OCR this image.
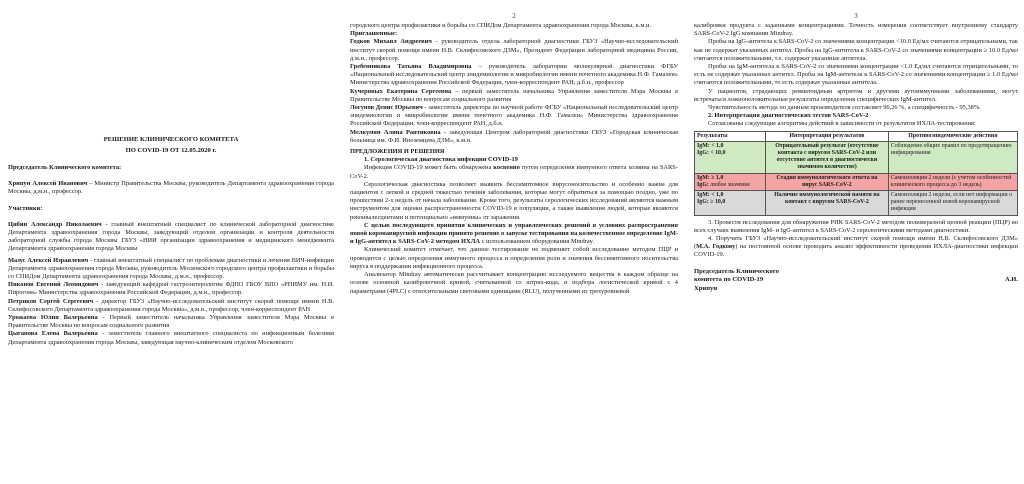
РЕШЕНИЕ КЛИНИЧЕСКОГО КОМИТЕТА
ПО COVID-19 ОТ 12.05.2020 г.

Председатель Клинического комитета:

Хрипун Алексей Иванович – Министр Правительства Москвы, руководитель Департамента здравоохранения города Москвы, д.м.н., профессор.

Участники:

Цибин Александр Николаевич - главный внештатный специалист по клинической лабораторной диагностике Департамента здравоохранения города Москвы, заведующий отделом организации и контроля деятельности лабораторной службы города Москвы ГБУЗ «НИИ организации здравоохранения и медицинского менеджмента Департамента здравоохранения города Москвы

Мазус Алексей Израилевич - главный внештатный специалист по проблемам диагностики и лечения ВИЧ-инфекции Департамента здравоохранения города Москвы, руководитель Московского городского центра профилактики и борьбы со СПИДом Департамента здравоохранения города Москвы, д.м.н., профессор.

Никонов Евгений Леонидович - заведующий кафедрой гастроэнтерологии ФДПО ГБОУ ВПО «РНИМУ им. Н.И. Пирогова» Министерства здравоохранения Российской Федерации, д.м.н., профессор.

Петриков Сергей Сергеевич - директор ГБУЗ «Научно-исследовательский институт скорой помощи имени Н.В. Склифосовского Департамента здравоохранения города Москвы», д.м.н., профессор, член-корреспондент РАН

Урожаева Юлия Валерьевна - Первый заместитель начальника Управления заместителя Мэра Москвы в Правительстве Москвы по вопросам социального развития

Цыганова Елена Валерьевна - заместитель главного внештатного специалиста по инфекционным болезням Департамента здравоохранения города Москвы, заведующая научно-клиническим отделом Московского

2

городского центра профилактики и борьбы со СПИДом Департамента здравоохранения города Москвы, к.м.н.

Приглашенные:

Годков Михаил Андреевич - руководитель отдела лабораторной диагностики ГБУЗ «Научно-исследовательский институт скорой помощи имени Н.В. Склифосовского ДЗМ», Президент Федерации лабораторной медицины России, д.м.н., профессор.

Гребенникова Татьяна Владимировна – руководитель лаборатории молекулярной диагностики ФГБУ «Национальный исследовательский центр эпидемиологии и микробиологии имени почетного академика Н.Ф. Гамалеи» Министерства здравоохранения Российской Федерации, член-корреспондент РАН, д.б.н., профессор

Кучерявых Екатерина Сергеевна – первый заместитель начальника Управления заместителя Мэра Москвы в Правительстве Москвы по вопросам социального развития

Логунов Денис Юрьевич - заместитель директора по научной работе ФГБУ «Национальный исследовательский центр эпидемиологии и микробиологии имени почетного академика Н.Ф. Гамалеи» Министерства здравоохранения Российской Федерации, член-корреспондент РАН, д.б.н.

Мелкумян Алина Рантиковна - заведующая Центром лабораторной диагностики ГБУЗ «Городская клиническая больница им. Ф.И. Иноземцева ДЗМ», к.м.н.

ПРЕДЛОЖЕНИЯ И РЕШЕНИЯ

1. Серологическая диагностика инфекции COVID-19

Инфекция COVID-19 может быть обнаружена косвенно путем определения иммунного ответа хозяина на SARS-CoV-2.

Серологическая диагностика позволяет выявить бессимптомное вирусоносительство и особенно важна для пациентов с легкой и средней тяжестью течения заболевания, которые могут обратиться за помощью поздно, уже по прошествии 2-х недель от начала заболевания. Кроме того, результаты серологических исследований являются важным инструментом для оценки распространенности COVID-19 в популяции, а также выявления людей, которые являются реконвалесцентами и потенциально «иммунны» от заражения.

С целью последующего принятия клинических и управленческих решений в условиях распространения новой коронавирусной инфекции принято решение о запуске тестирования на количественное определение IgM- и IgG-антител к SARS-CoV-2 методом ИХЛА с использованием оборудования Mindray.

Клинический комитет отмечает, что данное тестирование не подменяет собой исследование методом ПЦР и проводится с целью определения иммунного процесса и определения роли и значения бессимптомного носительства вируса в поддержании инфекционного процесса.

Анализатор Mindray автоматически рассчитывает концентрацию исследуемого вещества в каждом образце на основе основной калибровочной кривой, считываемой со штрих-кода, и подбора логистической кривой с 4 параметрами (4PLC) с относительными световыми единицами (RLU), полученными из трехуровневой

3

калибровки продукта с заданными концентрациями. Точность измерения соответствует внутреннему стандарту SARS-CoV-2 IgG компании Mindray.

Пробы на IgG-антитела к SARS-CoV-2 со значениями концентрации <10.0 Ед/мл считаются отрицательными, так как не содержат указанных антител. Пробы на IgG-антитела к SARS-CoV-2 со значениями концентрации ≥ 10.0 Ед/мл считаются положительными, т.е. содержат указанные антитела.

Пробы на IgM-антитела к SARS-CoV-2 со значениями концентрации <1.0 Ед/мл считаются отрицательными, то есть не содержат указанных антител. Пробы на IgM-антитела к SARS-CoV-2 со значениями концентрации ≥ 1.0 Ед/мл считаются положительными, то есть содержат указанные антитела.

У пациентов, страдающих ревматоидным артритом и другими аутоиммунными заболеваниями, могут встречаться ложноположительные результаты определения специфических IgM-антител.

Чувствительность метода по данным производителя составляет 96,26 %, а специфичность - 95,38%.

2. Интерпретация диагностических тестов SARS-CoV-2

Согласованы следующие алгоритмы действий в зависимости от результатов ИХЛА-тестирования:

Результаты	Интерпретация результатов	Противоэпидемические действия

IgM: < 1,0
IgG: < 10,0	Отрицательный результат (отсутствие контакта с вирусом SARS-CoV-2 или отсутствие антител в диагностически значимом количестве)	Соблюдение общих правил по предотвращению инфицирования

IgM: ≥ 1,0
IgG: любое значение	Стадия иммунологического ответа на вирус SARS-CoV-2	Самоизоляция 2 недели (с учетом особенностей клинического процесса до 3 недель)

IgM: < 1,0
IgG: ≥ 10,0	Наличие иммунологической памяти на контакт с вирусом SARS-CoV-2	Самоизоляция 2 недели, если нет информации о ранее перенесенной новой коронавирусной инфекции

3. Провести исследования для обнаружения РНК SARS-CoV-2 методом полимеразной цепной реакции (ПЦР) во всех случаях выявления IgM- и IgG-антител к SARS-CoV-2 серологическими методами диагностики.

4. Поручить ГБУЗ «Научно-исследовательский институт скорой помощи имени Н.В. Склифосовского ДЗМ» (М.А. Годкову) на постоянной основе проводить анализ эффективности проведения ИХЛА-диагностики инфекции COVID-19.

Председатель Клинического
комитета по COVID-19	А.И.
Хрипун
